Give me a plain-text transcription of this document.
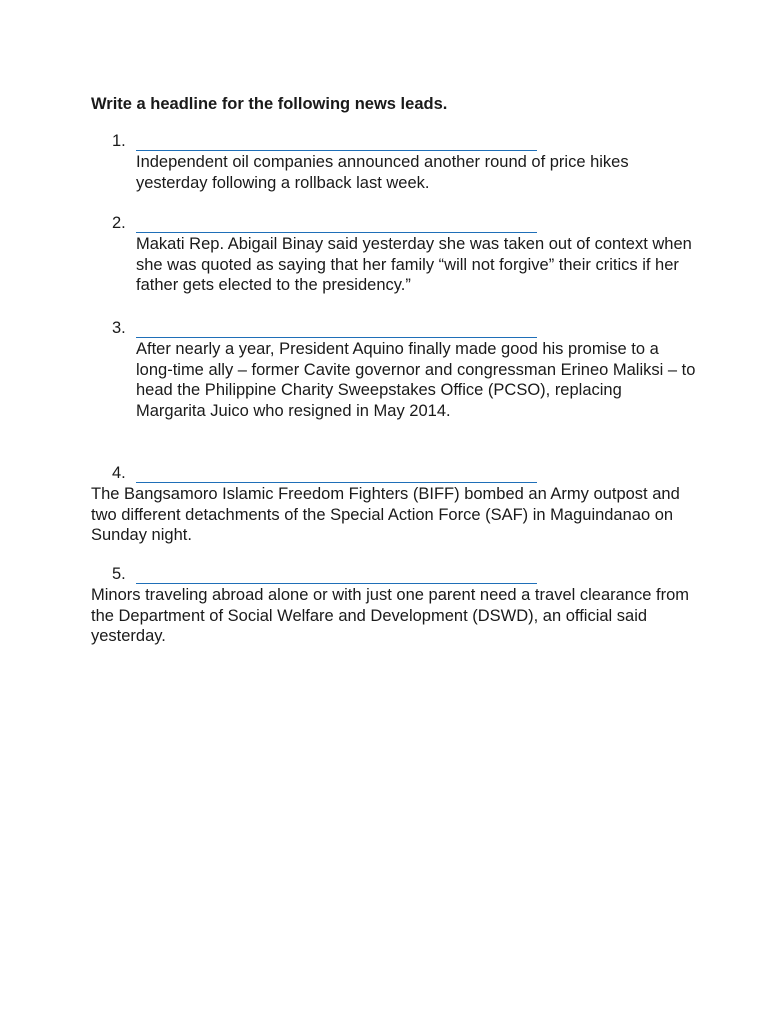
Write a headline for the following news leads.

1.

Independent oil companies announced another round of price hikes yesterday following a rollback last week.

2.

Makati Rep. Abigail Binay said yesterday she was taken out of context when she was quoted as saying that her family “will not forgive” their critics if her father gets elected to the presidency.”

3.

After nearly a year, President Aquino finally made good his promise to a long-time ally – former Cavite governor and congressman Erineo Maliksi – to head the Philippine Charity Sweepstakes Office (PCSO), replacing Margarita Juico who resigned in May 2014.

4.

The Bangsamoro Islamic Freedom Fighters (BIFF) bombed an Army outpost and two different detachments of the Special Action Force (SAF) in Maguindanao on Sunday night.

5.

Minors traveling abroad alone or with just one parent need a travel clearance from the Department of Social Welfare and Development (DSWD), an official said yesterday.
